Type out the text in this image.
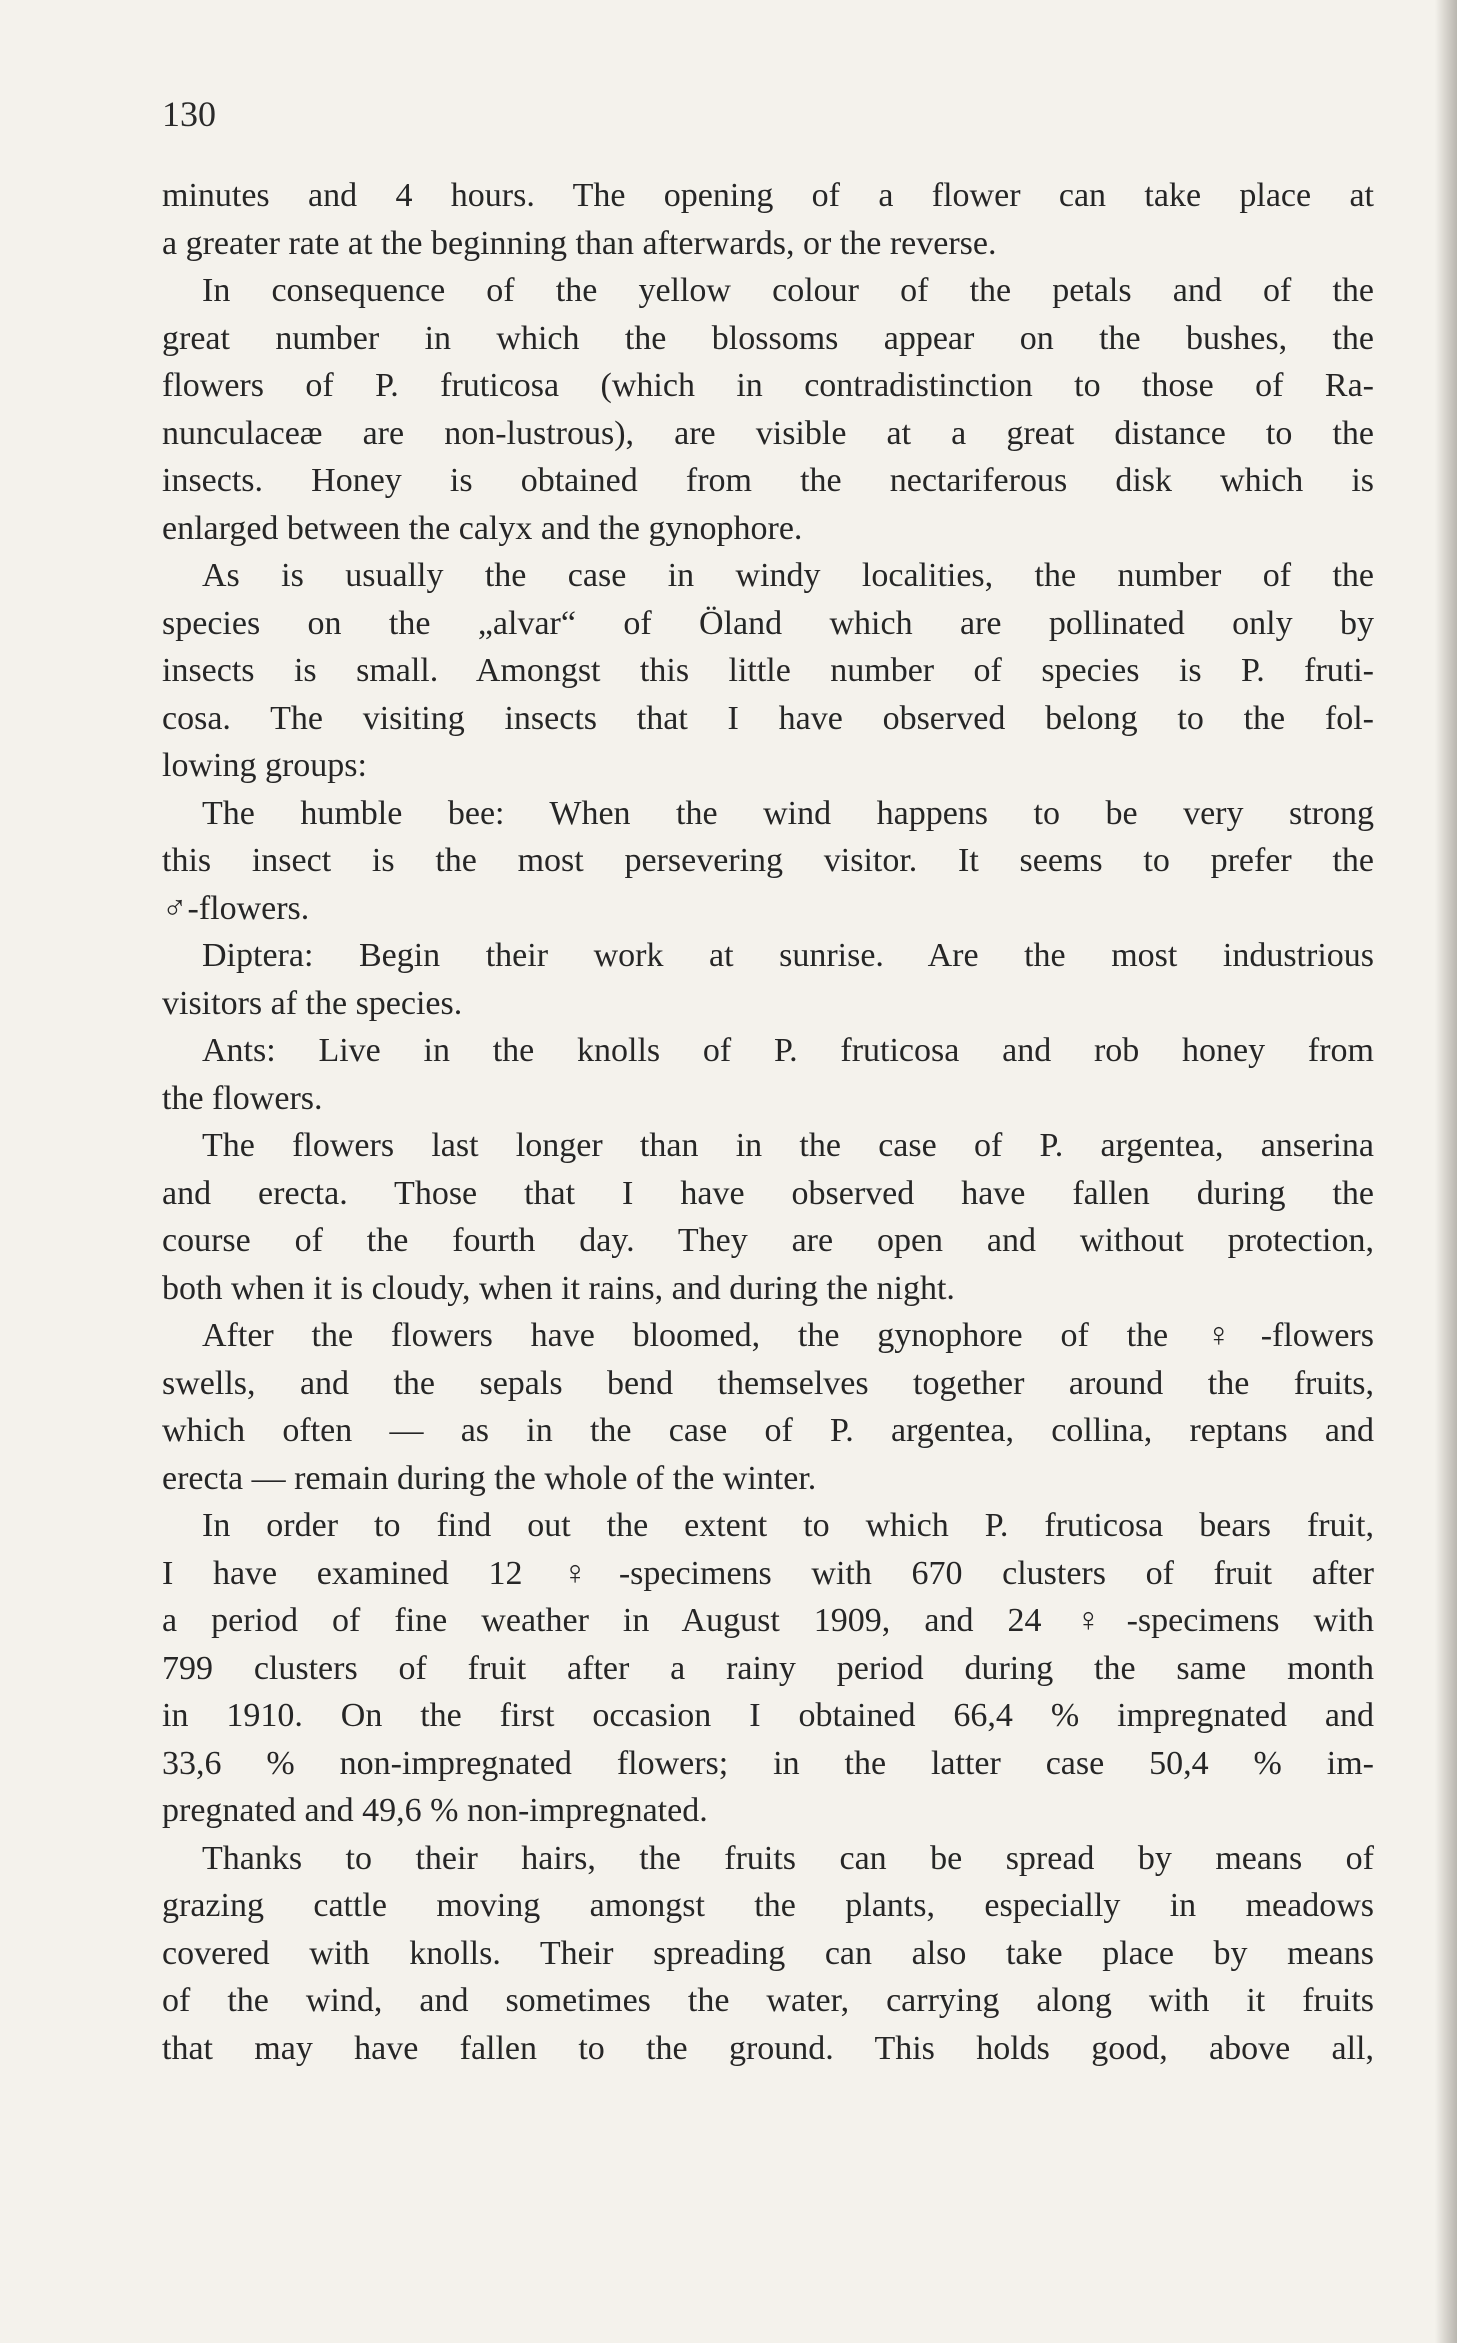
130
minutes and 4 hours. The opening of a flower can take place at
a greater rate at the beginning than afterwards, or the reverse.
In consequence of the yellow colour of the petals and of the
great number in which the blossoms appear on the bushes, the
flowers of P. fruticosa (which in contradistinction to those of Ra-
nunculaceæ are non-lustrous), are visible at a great distance to the
insects. Honey is obtained from the nectariferous disk which is
enlarged between the calyx and the gynophore.
As is usually the case in windy localities, the number of the
species on the „alvar“ of Öland which are pollinated only by
insects is small. Amongst this little number of species is P. fruti-
cosa. The visiting insects that I have observed belong to the fol-
lowing groups:
The humble bee: When the wind happens to be very strong
this insect is the most persevering visitor. It seems to prefer the
♂-flowers.
Diptera: Begin their work at sunrise. Are the most industrious
visitors af the species.
Ants: Live in the knolls of P. fruticosa and rob honey from
the flowers.
The flowers last longer than in the case of P. argentea, anserina
and erecta. Those that I have observed have fallen during the
course of the fourth day. They are open and without protection,
both when it is cloudy, when it rains, and during the night.
After the flowers have bloomed, the gynophore of the ♀-flowers
swells, and the sepals bend themselves together around the fruits,
which often — as in the case of P. argentea, collina, reptans and
erecta — remain during the whole of the winter.
In order to find out the extent to which P. fruticosa bears fruit,
I have examined 12 ♀-specimens with 670 clusters of fruit after
a period of fine weather in August 1909, and 24 ♀-specimens with
799 clusters of fruit after a rainy period during the same month
in 1910. On the first occasion I obtained 66,4 % impregnated and
33,6 % non-impregnated flowers; in the latter case 50,4 % im-
pregnated and 49,6 % non-impregnated.
Thanks to their hairs, the fruits can be spread by means of
grazing cattle moving amongst the plants, especially in meadows
covered with knolls. Their spreading can also take place by means
of the wind, and sometimes the water, carrying along with it fruits
that may have fallen to the ground. This holds good, above all,
